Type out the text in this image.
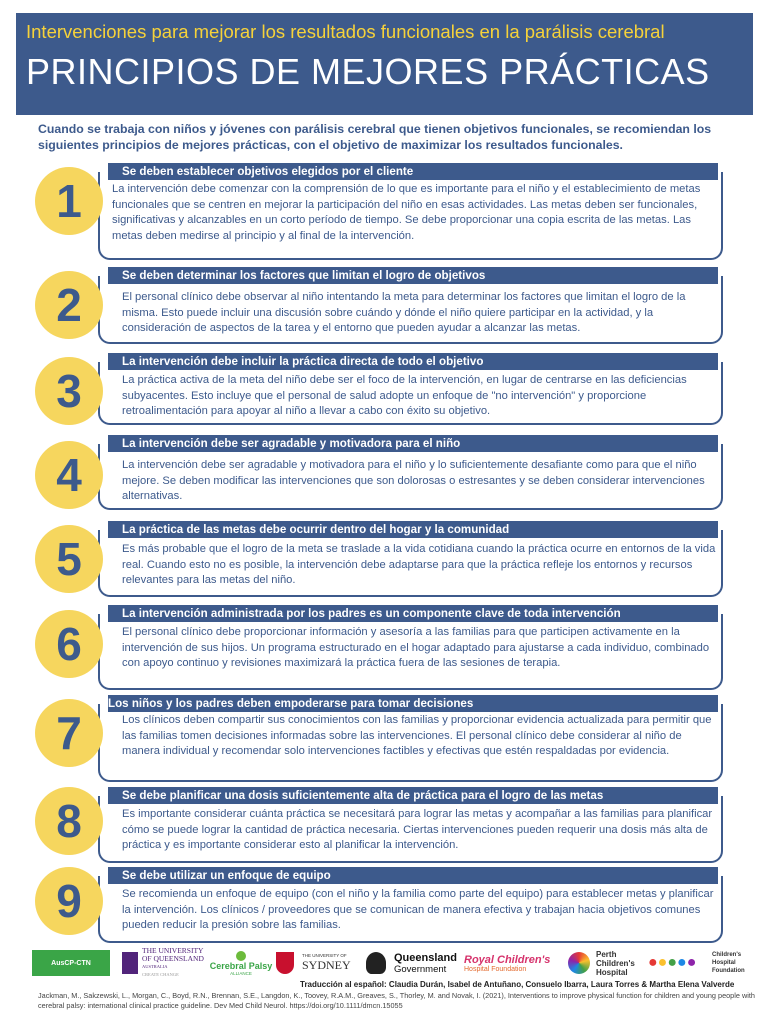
Intervenciones para mejorar los resultados funcionales en la parálisis cerebral
PRINCIPIOS DE MEJORES PRÁCTICAS
Cuando se trabaja con niños y jóvenes con parálisis cerebral que tienen objetivos funcionales, se recomiendan los siguientes principios de mejores prácticas, con el objetivo de maximizar los resultados funcionales.
1
Se deben establecer objetivos elegidos por el cliente
La intervención debe comenzar con la comprensión de lo que es importante para el niño y el establecimiento de metas funcionales que se centren en mejorar la participación del niño en esas actividades. Las metas deben ser funcionales, significativas y alcanzables en un corto período de tiempo. Se debe proporcionar una copia escrita de las metas. Las metas deben medirse al principio y al final de la intervención.
2
Se deben determinar los factores que limitan el logro de objetivos
El personal clínico debe observar al niño intentando la meta para determinar los factores que limitan el logro de la misma. Esto puede incluir una discusión sobre cuándo y dónde el niño quiere participar en la actividad, y la consideración de aspectos de la tarea y el entorno que pueden ayudar a alcanzar las metas.
3
La intervención debe incluir la práctica directa de todo el objetivo
La práctica activa de la meta del niño debe ser el foco de la intervención, en lugar de centrarse en las deficiencias subyacentes. Esto incluye que el personal de salud adopte un enfoque de "no intervención" y proporcione retroalimentación para apoyar al niño a llevar a cabo con éxito su objetivo.
4
La intervención debe ser agradable y motivadora para el niño
La intervención debe ser agradable y motivadora para el niño y lo suficientemente desafiante como para que el niño mejore. Se deben modificar las intervenciones que son dolorosas o estresantes y se deben considerar intervenciones alternativas.
5
La práctica de las metas debe ocurrir dentro del hogar y la comunidad
Es más probable que el logro de la meta se traslade a la vida cotidiana cuando la práctica ocurre en entornos de la vida real. Cuando esto no es posible, la intervención debe adaptarse para que la práctica refleje los entornos y recursos relevantes para las metas del niño.
6
La intervención administrada por los padres es un componente clave de toda intervención
El personal clínico debe proporcionar información y asesoría a las familias para que participen activamente en la intervención de sus hijos. Un programa estructurado en el hogar adaptado para ajustarse a cada individuo, combinado con apoyo continuo y revisiones maximizará la práctica fuera de las sesiones de terapia.
7
Los niños y los padres deben empoderarse para tomar decisiones
Los clínicos deben compartir sus conocimientos con las familias y proporcionar evidencia actualizada para permitir que las familias tomen decisiones informadas sobre las intervenciones. El personal clínico debe considerar al niño de manera individual y recomendar solo intervenciones factibles y efectivas que estén respaldadas por evidencia.
8	Se debe planificar una dosis suficientemente alta de práctica para el logro de las metas
Es importante considerar cuánta práctica se necesitará para lograr las metas y acompañar a las familias para planificar cómo se puede lograr la cantidad de práctica necesaria. Ciertas intervenciones pueden requerir una dosis más alta de práctica y es importante considerar esto al planificar la intervención.
9	Se debe utilizar un enfoque de equipo
Se recomienda un enfoque de equipo (con el niño y la familia como parte del equipo) para establecer metas y planificar la intervención. Los clínicos / proveedores que se comunican de manera efectiva y trabajan hacia objetivos comunes pueden reducir la presión sobre las familias.
AusCP-CTN
THE UNIVERSITY
OF QUEENSLAND
AUSTRALIA
CREATE CHANGE
Cerebral Palsy
ALLIANCE
THE UNIVERSITY OF
SYDNEY
Queensland
Government
Royal Children's
Hospital Foundation
Perth
Children's
Hospital
● ● ● ● ●	Children's
Hospital
Foundation
Traducción al español: Claudia Durán, Isabel de Antuñano, Consuelo Ibarra, Laura Torres & Martha Elena Valverde
Jackman, M., Sakzewski, L., Morgan, C., Boyd, R.N., Brennan, S.E., Langdon, K., Toovey, R.A.M., Greaves, S., Thorley, M. and Novak, I. (2021), Interventions to improve physical function for children and young people with cerebral palsy: international clinical practice guideline. Dev Med Child Neurol. https://doi.org/10.1111/dmcn.15055
